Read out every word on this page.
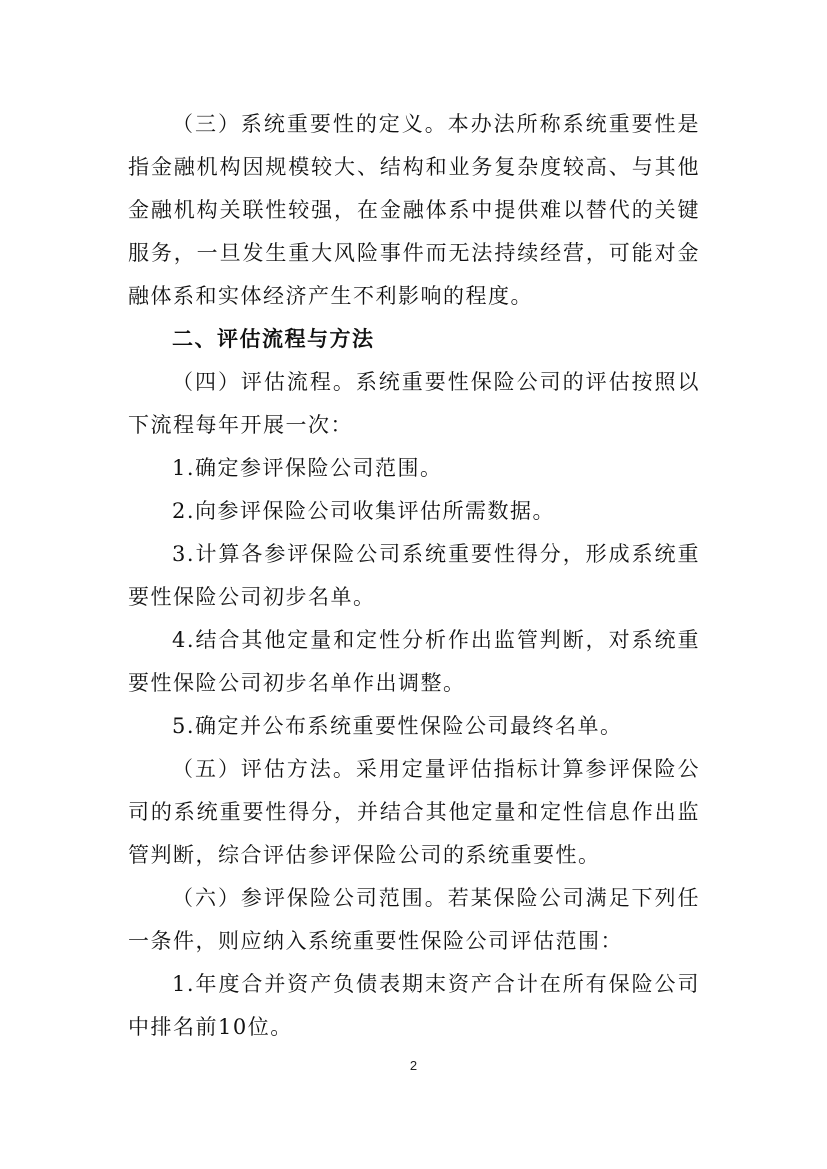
（三）系统重要性的定义。本办法所称系统重要性是指金融机构因规模较大、结构和业务复杂度较高、与其他金融机构关联性较强，在金融体系中提供难以替代的关键服务，一旦发生重大风险事件而无法持续经营，可能对金融体系和实体经济产生不利影响的程度。

二、评估流程与方法

（四）评估流程。系统重要性保险公司的评估按照以下流程每年开展一次：

1.确定参评保险公司范围。

2.向参评保险公司收集评估所需数据。

3.计算各参评保险公司系统重要性得分，形成系统重要性保险公司初步名单。

4.结合其他定量和定性分析作出监管判断，对系统重要性保险公司初步名单作出调整。

5.确定并公布系统重要性保险公司最终名单。

（五）评估方法。采用定量评估指标计算参评保险公司的系统重要性得分，并结合其他定量和定性信息作出监管判断，综合评估参评保险公司的系统重要性。

（六）参评保险公司范围。若某保险公司满足下列任一条件，则应纳入系统重要性保险公司评估范围：

1.年度合并资产负债表期末资产合计在所有保险公司中排名前10位。

2
